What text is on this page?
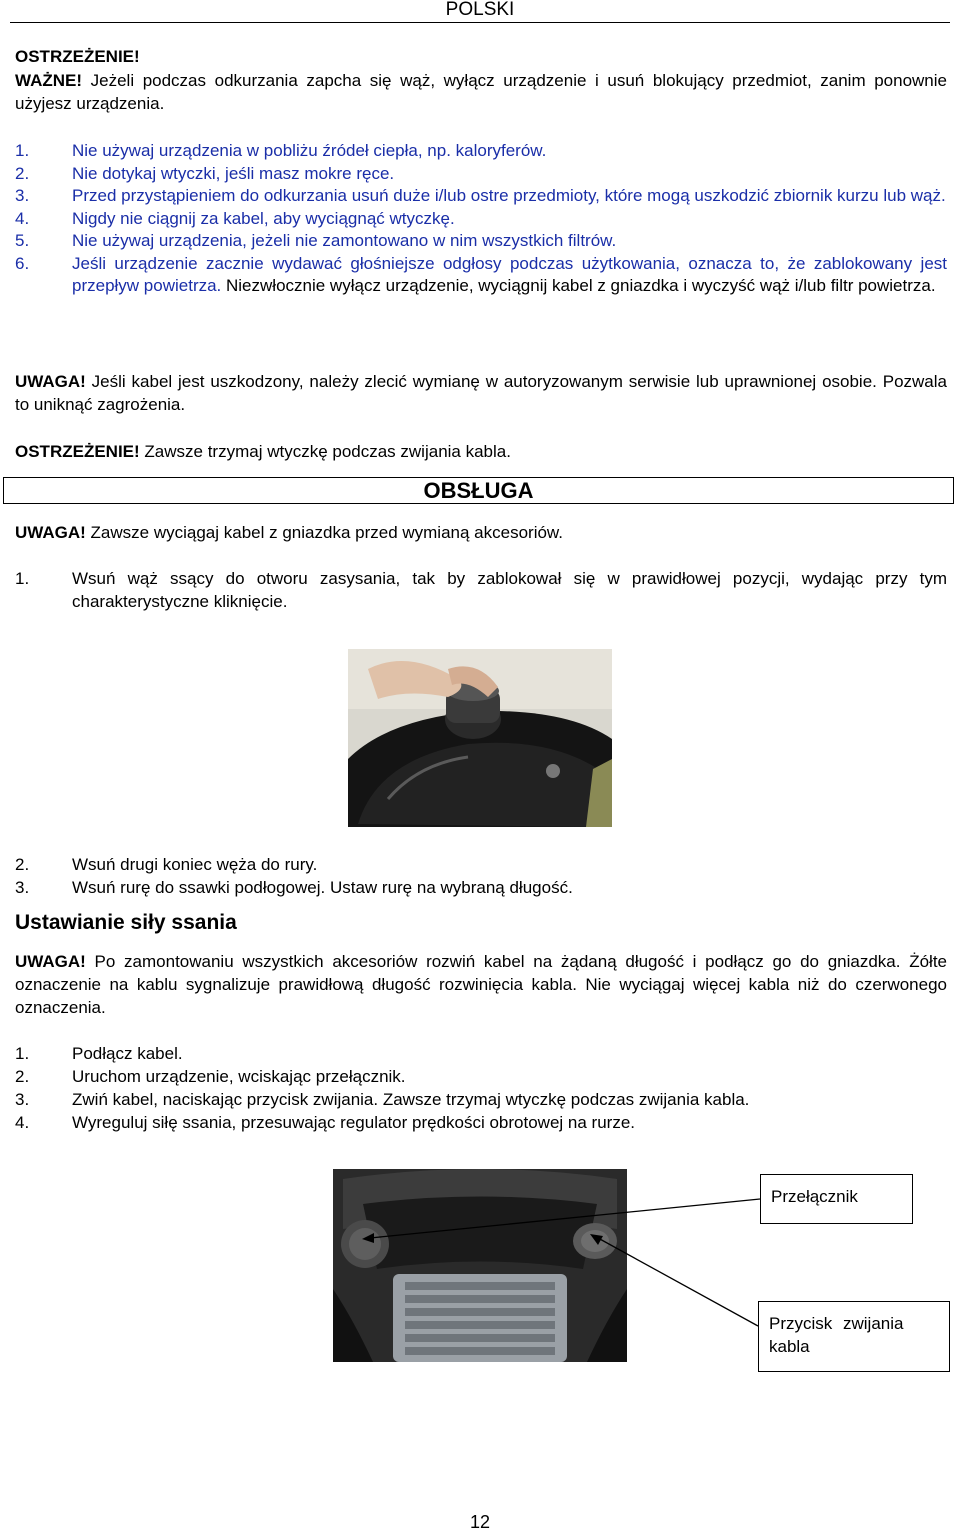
POLSKI

OSTRZEŻENIE!

WAŻNE! Jeżeli podczas odkurzania zapcha się wąż, wyłącz urządzenie i usuń blokujący przedmiot, zanim ponownie użyjesz urządzenia.

1.	Nie używaj urządzenia w pobliżu źródeł ciepła, np. kaloryferów.
2.	Nie dotykaj wtyczki, jeśli masz mokre ręce.
3.	Przed przystąpieniem do odkurzania usuń duże i/lub ostre przedmioty, które mogą uszkodzić zbiornik kurzu lub wąż.
4.	Nigdy nie ciągnij za kabel, aby wyciągnąć wtyczkę.
5.	Nie używaj urządzenia, jeżeli nie zamontowano w nim wszystkich filtrów.
6.	Jeśli urządzenie zacznie wydawać głośniejsze odgłosy podczas użytkowania, oznacza to, że zablokowany jest przepływ powietrza. Niezwłocznie wyłącz urządzenie, wyciągnij kabel z gniazdka i wyczyść wąż i/lub filtr powietrza.

UWAGA! Jeśli kabel jest uszkodzony, należy zlecić wymianę w autoryzowanym serwisie lub uprawnionej osobie. Pozwala to uniknąć zagrożenia.

OSTRZEŻENIE! Zawsze trzymaj wtyczkę podczas zwijania kabla.

OBSŁUGA

UWAGA! Zawsze wyciągaj kabel z gniazdka przed wymianą akcesoriów.

1.	Wsuń wąż ssący do otworu zasysania, tak by zablokował się w prawidłowej pozycji, wydając przy tym charakterystyczne kliknięcie.
2.	Wsuń drugi koniec węża do rury.
3.	Wsuń rurę do ssawki podłogowej. Ustaw rurę na wybraną długość.
Ustawianie siły ssania

UWAGA! Po zamontowaniu wszystkich akcesoriów rozwiń kabel na żądaną długość i podłącz go do gniazdka. Żółte oznaczenie na kablu sygnalizuje prawidłową długość rozwinięcia kabla. Nie wyciągaj więcej kabla niż do czerwonego oznaczenia.

1.	Podłącz kabel.
2.	Uruchom urządzenie, wciskając przełącznik.
3.	Zwiń kabel, naciskając przycisk zwijania. Zawsze trzymaj wtyczkę podczas zwijania kabla.
4.	Wyreguluj siłę ssania, przesuwając regulator prędkości obrotowej na rurze.
Przełącznik
Przycisk zwijania kabla
12
